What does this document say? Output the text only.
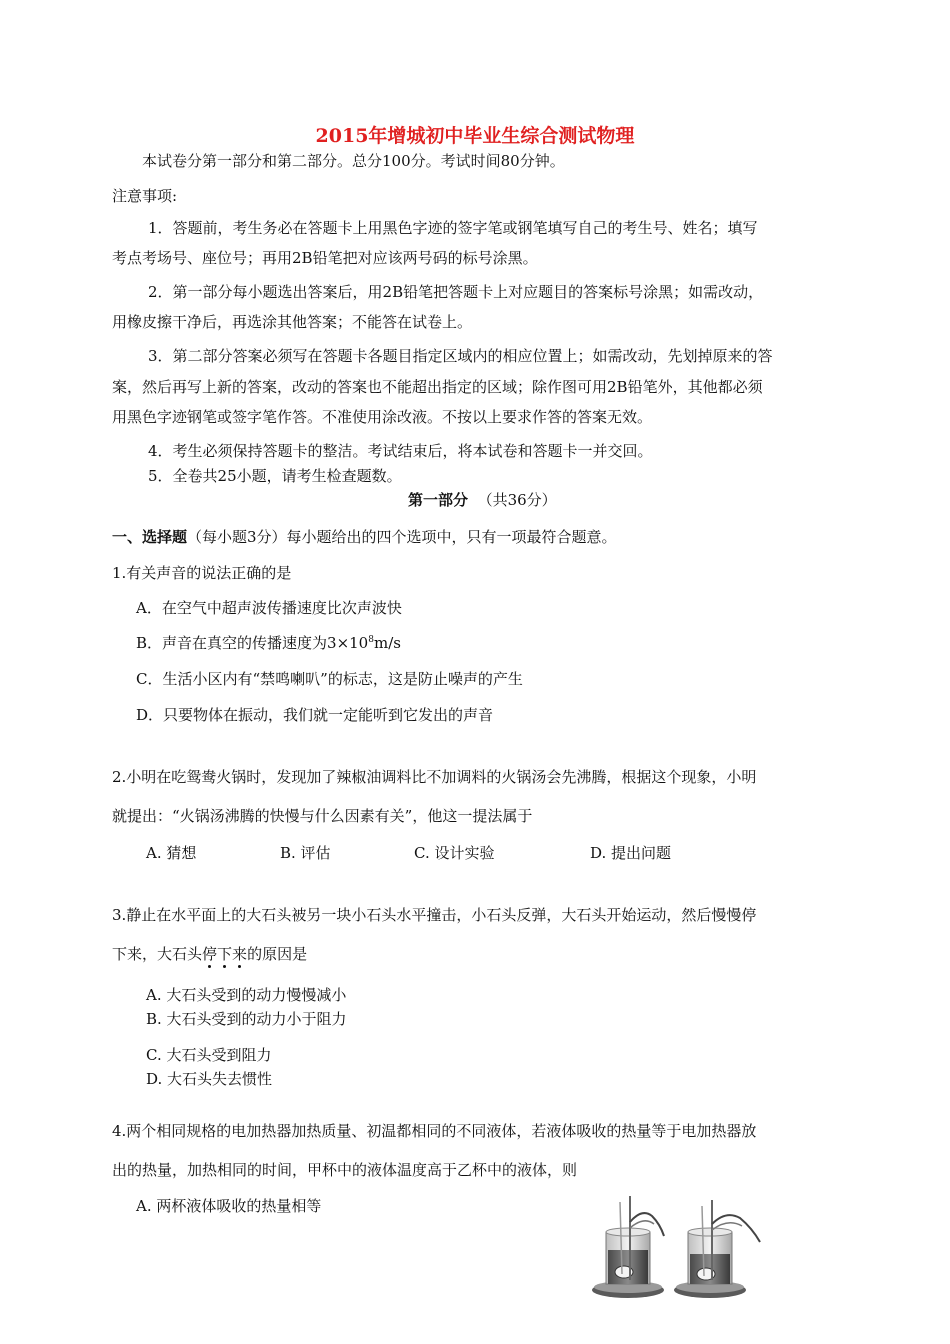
2015年增城初中毕业生综合测试物理
本试卷分第一部分和第二部分。总分100分。考试时间80分钟。
注意事项:
1．答题前，考生务必在答题卡上用黑色字迹的签字笔或钢笔填写自己的考生号、姓名；填写
考点考场号、座位号；再用2B铅笔把对应该两号码的标号涂黑。
2．第一部分每小题选出答案后，用2B铅笔把答题卡上对应题目的答案标号涂黑；如需改动，
用橡皮擦干净后，再选涂其他答案；不能答在试卷上。
3．第二部分答案必须写在答题卡各题目指定区域内的相应位置上；如需改动，先划掉原来的答
案，然后再写上新的答案，改动的答案也不能超出指定的区域；除作图可用2B铅笔外，其他都必须
用黑色字迹钢笔或签字笔作答。不准使用涂改液。不按以上要求作答的答案无效。
4．考生必须保持答题卡的整洁。考试结束后，将本试卷和答题卡一并交回。
5．全卷共25小题，请考生检查题数。
第一部分 （共36分）
一、选择题（每小题3分）每小题给出的四个选项中，只有一项最符合题意。
1.有关声音的说法正确的是
A．在空气中超声波传播速度比次声波快
B．声音在真空的传播速度为$3\times 10^8m/s$
C．生活小区内有“禁鸣喇叭”的标志，这是防止噪声的产生
D．只要物体在振动，我们就一定能听到它发出的声音
2.小明在吃鸳鸯火锅时，发现加了辣椒油调料比不加调料的火锅汤会先沸腾，根据这个现象，小明
就提出：“火锅汤沸腾的快慢与什么因素有关”，他这一提法属于
A. 猜想	B. 评估	C. 设计实验	D. 提出问题
3.静止在水平面上的大石头被另一块小石头水平撞击，小石头反弹，大石头开始运动，然后慢慢停
下来，大石头停下来的原因是
A. 大石头受到的动力慢慢减小
B. 大石头受到的动力小于阻力
C. 大石头受到阻力
D. 大石头失去惯性
4.两个相同规格的电加热器加热质量、初温都相同的不同液体，若液体吸收的热量等于电加热器放
出的热量，加热相同的时间，甲杯中的液体温度高于乙杯中的液体，则
A. 两杯液体吸收的热量相等
